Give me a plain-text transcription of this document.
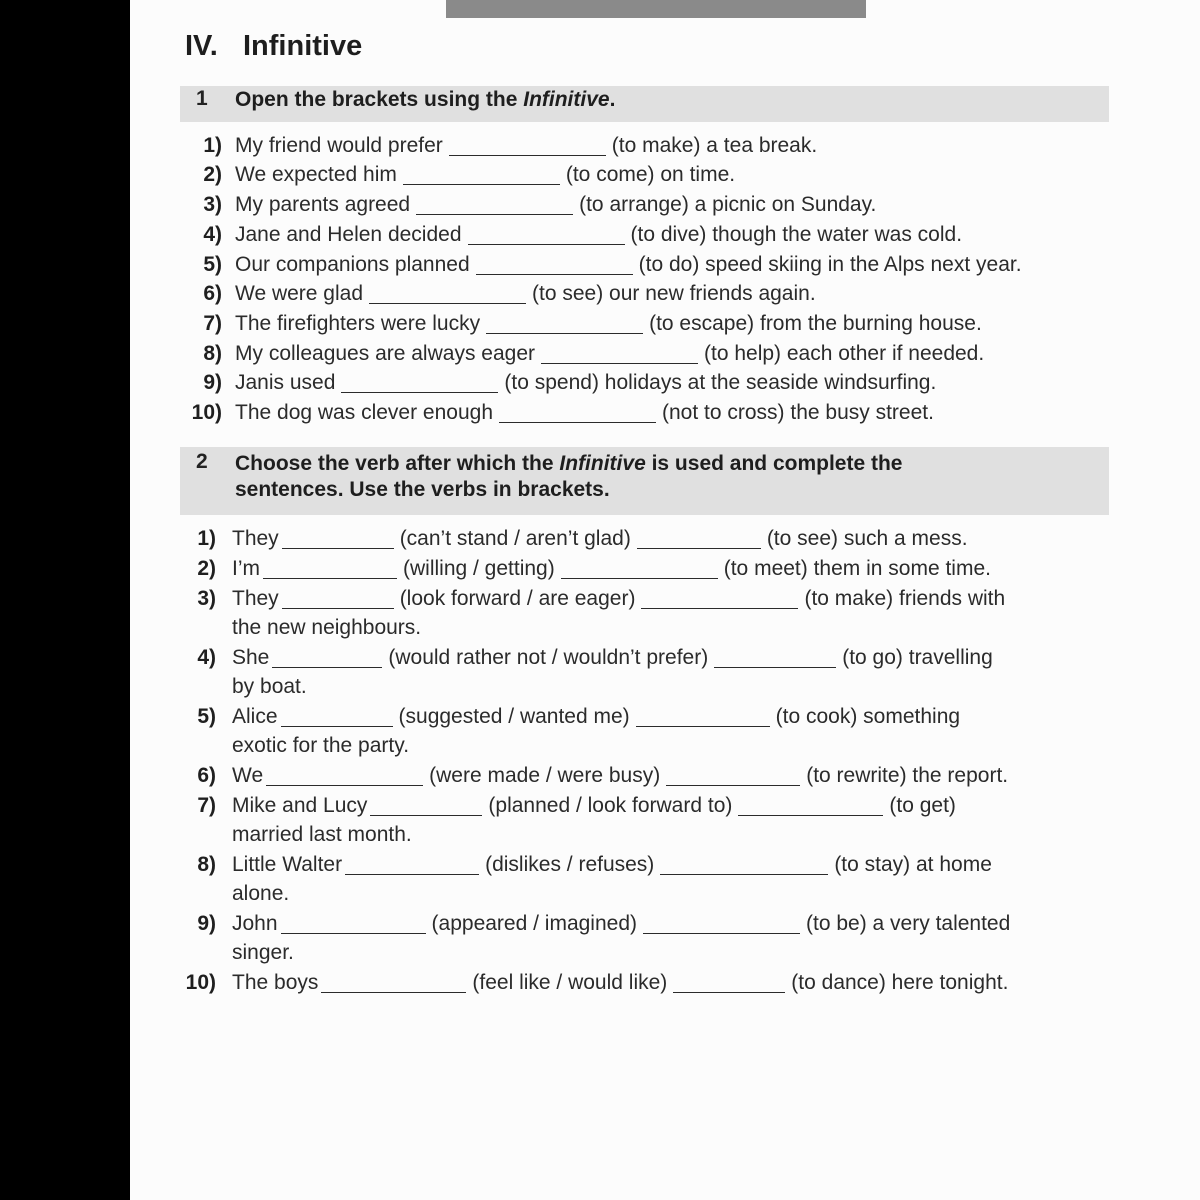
IV. Infinitive
1 Open the brackets using the Infinitive.
1) My friend would prefer	(to make) a tea break.
2) We expected him	(to come) on time.
3) My parents agreed	(to arrange) a picnic on Sunday.
4) Jane and Helen decided	(to dive) though the water was cold.
5) Our companions planned	(to do) speed skiing in the Alps next year.
6) We were glad	(to see) our new friends again.
7) The firefighters were lucky	(to escape) from the burning house.
8) My colleagues are always eager	(to help) each other if needed.
9) Janis used	(to spend) holidays at the seaside windsurfing.
10) The dog was clever enough	(not to cross) the busy street.
2 Choose the verb after which the Infinitive is used and complete the
sentences. Use the verbs in brackets.
1) They	(can’t stand / aren’t glad)	(to see) such a mess.
2) I’m	(willing / getting)	(to meet) them in some time.
3) They	(look forward / are eager)	(to make) friends with
the new neighbours.
4) She	(would rather not / wouldn’t prefer)	(to go) travelling
by boat.
5) Alice	(suggested / wanted me)	(to cook) something
exotic for the party.
6) We	(were made / were busy)	(to rewrite) the report.
7) Mike and Lucy	(planned / look forward to)	(to get)
married last month.
8) Little Walter	(dislikes / refuses)	(to stay) at home
alone.
9) John	(appeared / imagined)	(to be) a very talented
singer.
10) The boys	(feel like / would like)	(to dance) here tonight.
